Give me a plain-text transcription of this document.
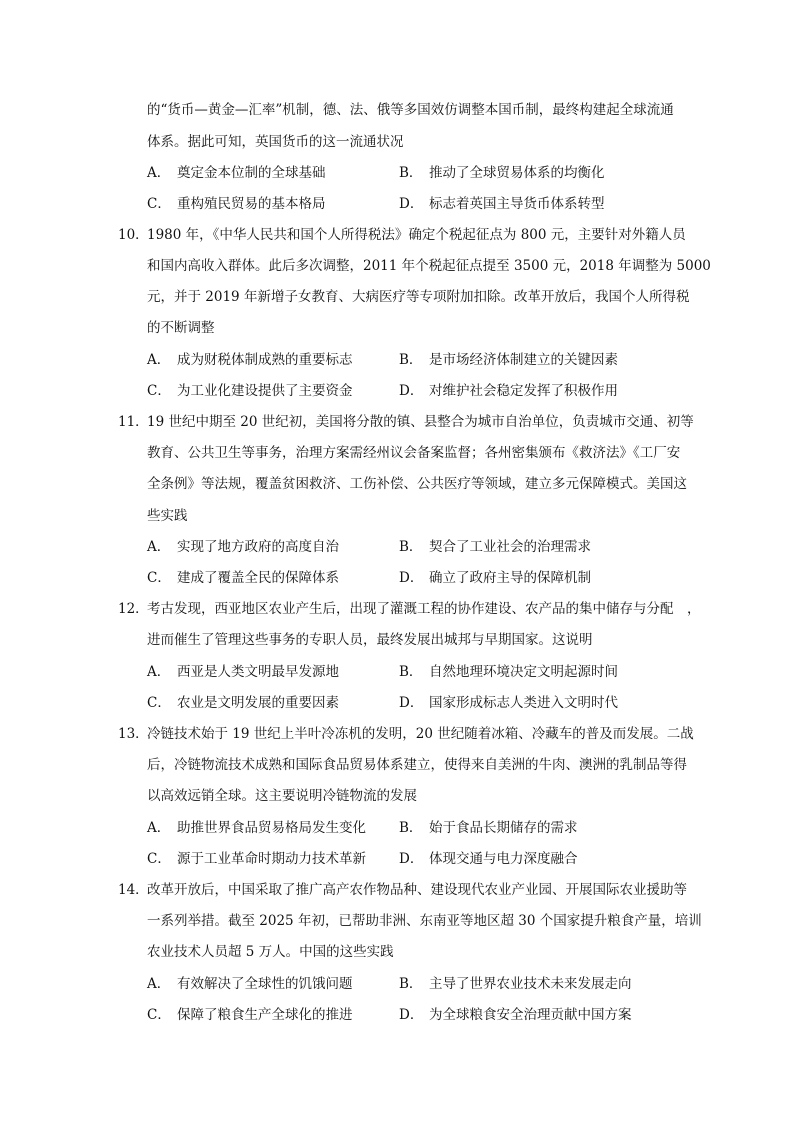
的“货币—黄金—汇率”机制，德、法、俄等多国效仿调整本国币制，最终构建起全球流通
体系。据此可知，英国货币的这一流通状况
A． 奠定金本位制的全球基础	B． 推动了全球贸易体系的均衡化
C． 重构殖民贸易的基本格局	D． 标志着英国主导货币体系转型
10．1980 年，《中华人民共和国个人所得税法》确定个税起征点为 800 元，主要针对外籍人员
和国内高收入群体。此后多次调整，2011 年个税起征点提至 3500 元，2018 年调整为 5000
元，并于 2019 年新增子女教育、大病医疗等专项附加扣除。改革开放后，我国个人所得税
的不断调整
A． 成为财税体制成熟的重要标志	B． 是市场经济体制建立的关键因素
C． 为工业化建设提供了主要资金	D． 对维护社会稳定发挥了积极作用
11．19 世纪中期至 20 世纪初，美国将分散的镇、县整合为城市自治单位，负责城市交通、初等
教育、公共卫生等事务，治理方案需经州议会备案监督；各州密集颁布《救济法》《工厂安
全条例》等法规，覆盖贫困救济、工伤补偿、公共医疗等领域，建立多元保障模式。美国这
些实践
A． 实现了地方政府的高度自治	B． 契合了工业社会的治理需求
C． 建成了覆盖全民的保障体系	D． 确立了政府主导的保障机制
12．考古发现，西亚地区农业产生后，出现了灌溉工程的协作建设、农产品的集中储存与分配　，
进而催生了管理这些事务的专职人员，最终发展出城邦与早期国家。这说明
A． 西亚是人类文明最早发源地	B． 自然地理环境决定文明起源时间
C． 农业是文明发展的重要因素	D． 国家形成标志人类进入文明时代
13．冷链技术始于 19 世纪上半叶冷冻机的发明，20 世纪随着冰箱、冷藏车的普及而发展。二战
后，冷链物流技术成熟和国际食品贸易体系建立，使得来自美洲的牛肉、澳洲的乳制品等得
以高效远销全球。这主要说明冷链物流的发展
A． 助推世界食品贸易格局发生变化 B． 始于食品长期储存的需求
C． 源于工业革命时期动力技术革新 D． 体现交通与电力深度融合
14．改革开放后，中国采取了推广高产农作物品种、建设现代农业产业园、开展国际农业援助等
一系列举措。截至 2025 年初，已帮助非洲、东南亚等地区超 30 个国家提升粮食产量，培训
农业技术人员超 5 万人。中国的这些实践
A． 有效解决了全球性的饥饿问题	B． 主导了世界农业技术未来发展走向
C． 保障了粮食生产全球化的推进	D． 为全球粮食安全治理贡献中国方案
